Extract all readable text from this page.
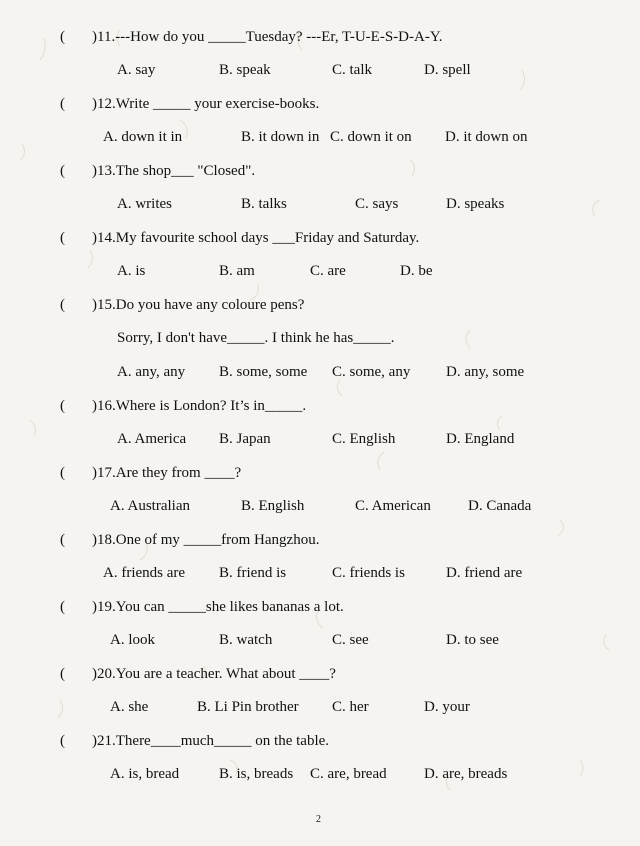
( )11.---How do you _____Tuesday? ---Er, T-U-E-S-D-A-Y.
A. say	B. speak	C. talk	D. spell
( )12.Write _____ your exercise-books.
A. down it in	B. it down in C. down it on D. it down on
( )13.The shop___ "Closed".
A. writes	B. talks	C. says	D. speaks
( )14.My favourite school days ___Friday and Saturday.
A. is	B. am	C. are	D. be
( )15.Do you have any coloure pens?
Sorry, I don't have_____. I think he has_____.
A. any, any B. some, some C. some, any D. any, some
( )16.Where is London? It’s in_____.
A. America B. Japan	C. English	D. England
( )17.Are they from ____?
A. Australian	B. English	C. American D. Canada
( )18.One of my _____from Hangzhou.
A. friends are B. friend is	C. friends is	D. friend are
( )19.You can _____she likes bananas a lot.
A. look	B. watch	C. see	D. to see
( )20.You are a teacher. What about ____?
A. she	B. Li Pin brother C. her	D. your
( )21.There____much_____ on the table.
A. is, bread	B. is, breads C. are, bread D. are, breads
2
